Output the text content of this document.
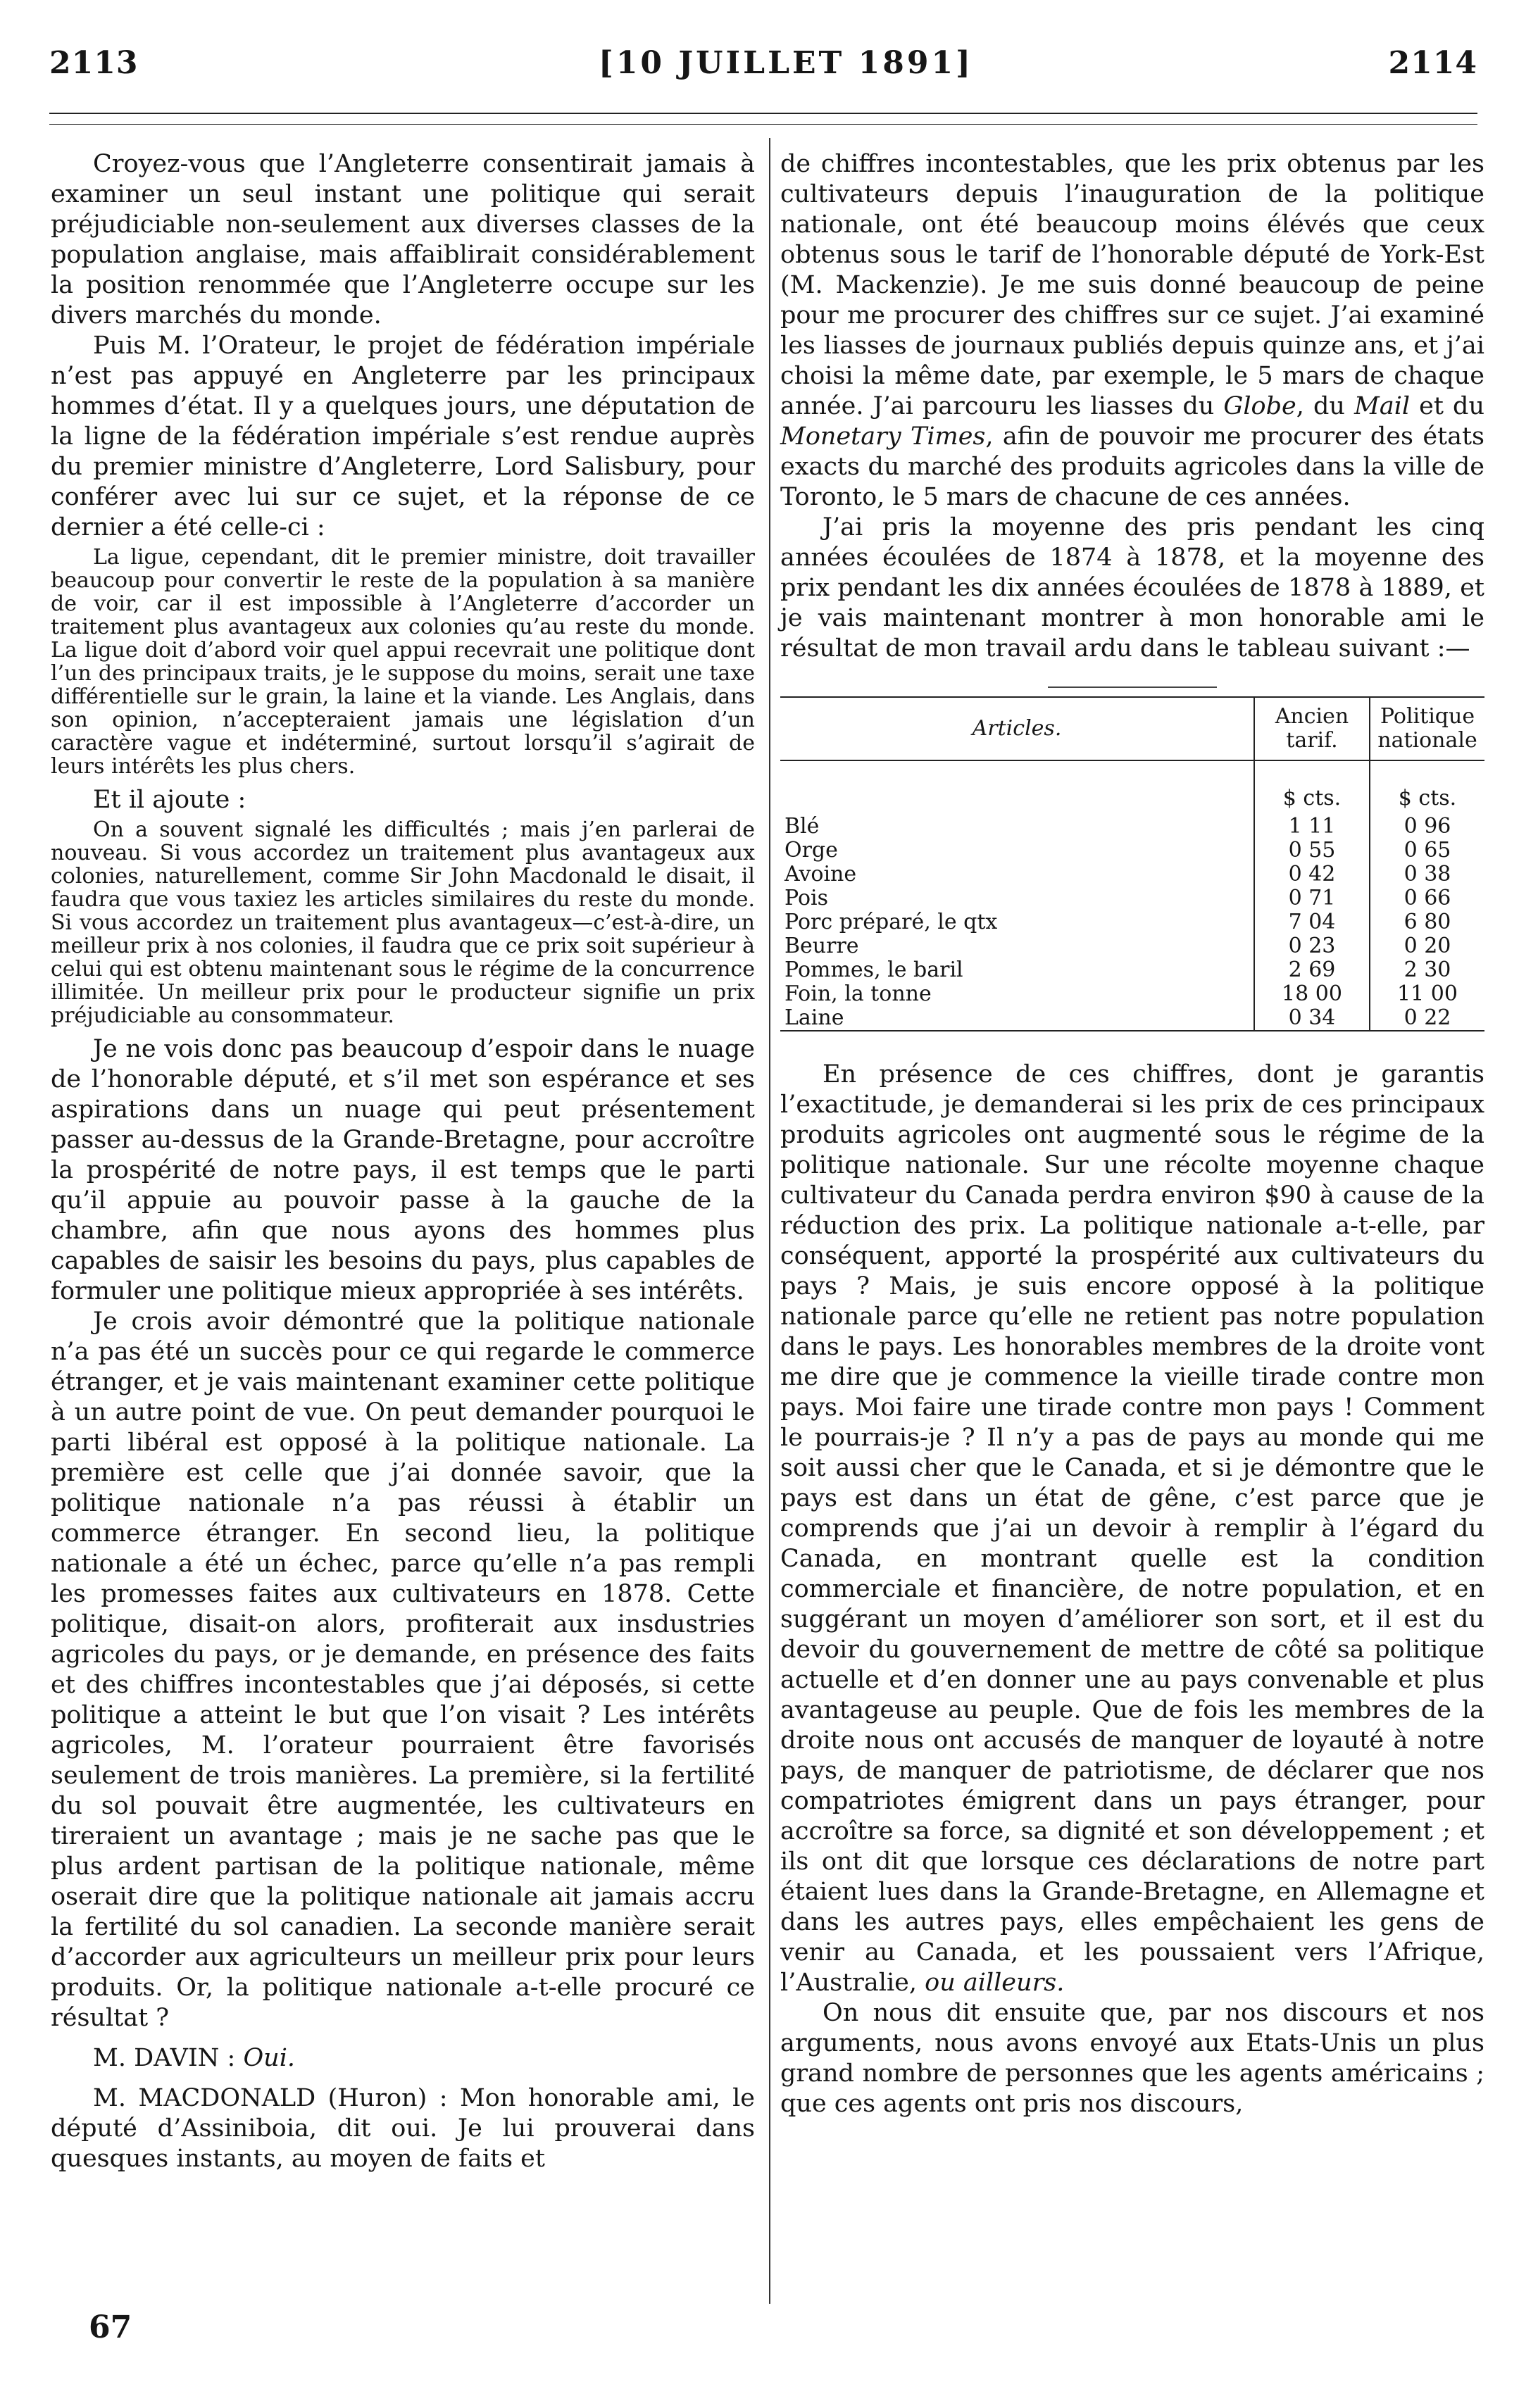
2113	[10 JUILLET 1891]	2114

Croyez-vous que l’Angleterre consentirait jamais à examiner un seul instant une politique qui serait préjudiciable non-seulement aux diverses classes de la population anglaise, mais affaiblirait considérablement la position renommée que l’Angleterre occupe sur les divers marchés du monde.

Puis M. l’Orateur, le projet de fédération impériale n’est pas appuyé en Angleterre par les principaux hommes d’état. Il y a quelques jours, une députation de la ligne de la fédération impériale s’est rendue auprès du premier ministre d’Angleterre, Lord Salisbury, pour conférer avec lui sur ce sujet, et la réponse de ce dernier a été celle-ci :

La ligue, cependant, dit le premier ministre, doit travailler beaucoup pour convertir le reste de la population à sa manière de voir, car il est impossible à l’Angleterre d’accorder un traitement plus avantageux aux colonies qu’au reste du monde. La ligue doit d’abord voir quel appui recevrait une politique dont l’un des principaux traits, je le suppose du moins, serait une taxe différentielle sur le grain, la laine et la viande. Les Anglais, dans son opinion, n’accepteraient jamais une législation d’un caractère vague et indéterminé, surtout lorsqu’il s’agirait de leurs intérêts les plus chers.

Et il ajoute :

On a souvent signalé les difficultés ; mais j’en parlerai de nouveau. Si vous accordez un traitement plus avantageux aux colonies, naturellement, comme Sir John Macdonald le disait, il faudra que vous taxiez les articles similaires du reste du monde. Si vous accordez un traitement plus avantageux—c’est-à-dire, un meilleur prix à nos colonies, il faudra que ce prix soit supérieur à celui qui est obtenu maintenant sous le régime de la concurrence illimitée. Un meilleur prix pour le producteur signifie un prix préjudiciable au consommateur.

Je ne vois donc pas beaucoup d’espoir dans le nuage de l’honorable député, et s’il met son espérance et ses aspirations dans un nuage qui peut présentement passer au-dessus de la Grande-Bretagne, pour accroître la prospérité de notre pays, il est temps que le parti qu’il appuie au pouvoir passe à la gauche de la chambre, afin que nous ayons des hommes plus capables de saisir les besoins du pays, plus capables de formuler une politique mieux appropriée à ses intérêts.

Je crois avoir démontré que la politique nationale n’a pas été un succès pour ce qui regarde le commerce étranger, et je vais maintenant examiner cette politique à un autre point de vue. On peut demander pourquoi le parti libéral est opposé à la politique nationale. La première est celle que j’ai donnée savoir, que la politique nationale n’a pas réussi à établir un commerce étranger. En second lieu, la politique nationale a été un échec, parce qu’elle n’a pas rempli les promesses faites aux cultivateurs en 1878. Cette politique, disait-on alors, profiterait aux insdustries agricoles du pays, or je demande, en présence des faits et des chiffres incontestables que j’ai déposés, si cette politique a atteint le but que l’on visait ? Les intérêts agricoles, M. l’orateur pourraient être favorisés seulement de trois manières. La première, si la fertilité du sol pouvait être augmentée, les cultivateurs en tireraient un avantage ; mais je ne sache pas que le plus ardent partisan de la politique nationale, même oserait dire que la politique nationale ait jamais accru la fertilité du sol canadien. La seconde manière serait d’accorder aux agriculteurs un meilleur prix pour leurs produits. Or, la politique nationale a-t-elle procuré ce résultat ?

M. DAVIN : Oui.

M. MACDONALD (Huron) : Mon honorable ami, le député d’Assiniboia, dit oui. Je lui prouverai dans quesques instants, au moyen de faits et

de chiffres incontestables, que les prix obtenus par les cultivateurs depuis l’inauguration de la politique nationale, ont été beaucoup moins élévés que ceux obtenus sous le tarif de l’honorable député de York-Est (M. Mackenzie). Je me suis donné beaucoup de peine pour me procurer des chiffres sur ce sujet. J’ai examiné les liasses de journaux publiés depuis quinze ans, et j’ai choisi la même date, par exemple, le 5 mars de chaque année. J’ai parcouru les liasses du Globe, du Mail et du Monetary Times, afin de pouvoir me procurer des états exacts du marché des produits agricoles dans la ville de Toronto, le 5 mars de chacune de ces années.

J’ai pris la moyenne des pris pendant les cinq années écoulées de 1874 à 1878, et la moyenne des prix pendant les dix années écoulées de 1878 à 1889, et je vais maintenant montrer à mon honorable ami le résultat de mon travail ardu dans le tableau suivant :—

Articles.	Ancien tarif.	Politique nationale
	$ cts.	$ cts.
Blé	1 11	0 96
Orge	0 55	0 65
Avoine	0 42	0 38
Pois	0 71	0 66
Porc préparé, le qtx	7 04	6 80
Beurre	0 23	0 20
Pommes, le baril	2 69	2 30
Foin, la tonne	18 00	11 00
Laine	0 34	0 22

En présence de ces chiffres, dont je garantis l’exactitude, je demanderai si les prix de ces principaux produits agricoles ont augmenté sous le régime de la politique nationale. Sur une récolte moyenne chaque cultivateur du Canada perdra environ $90 à cause de la réduction des prix. La politique nationale a-t-elle, par conséquent, apporté la prospérité aux cultivateurs du pays ? Mais, je suis encore opposé à la politique nationale parce qu’elle ne retient pas notre population dans le pays. Les honorables membres de la droite vont me dire que je commence la vieille tirade contre mon pays. Moi faire une tirade contre mon pays ! Comment le pourrais-je ? Il n’y a pas de pays au monde qui me soit aussi cher que le Canada, et si je démontre que le pays est dans un état de gêne, c’est parce que je comprends que j’ai un devoir à remplir à l’égard du Canada, en montrant quelle est la condition commerciale et financière, de notre population, et en suggérant un moyen d’améliorer son sort, et il est du devoir du gouvernement de mettre de côté sa politique actuelle et d’en donner une au pays convenable et plus avantageuse au peuple. Que de fois les membres de la droite nous ont accusés de manquer de loyauté à notre pays, de manquer de patriotisme, de déclarer que nos compatriotes émigrent dans un pays étranger, pour accroître sa force, sa dignité et son développement ; et ils ont dit que lorsque ces déclarations de notre part étaient lues dans la Grande-Bretagne, en Allemagne et dans les autres pays, elles empêchaient les gens de venir au Canada, et les poussaient vers l’Afrique, l’Australie, ou ailleurs.

On nous dit ensuite que, par nos discours et nos arguments, nous avons envoyé aux Etats-Unis un plus grand nombre de personnes que les agents américains ; que ces agents ont pris nos discours,

67
